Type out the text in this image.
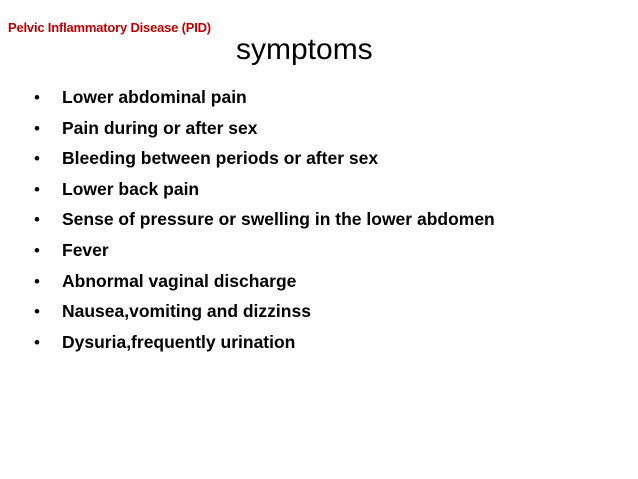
Pelvic Inflammatory Disease (PID)
symptoms
•	Lower abdominal pain
•	Pain during or after sex
•	Bleeding between periods or after sex
•	Lower back pain
•	Sense of pressure or swelling in the lower abdomen
•	Fever
•	Abnormal vaginal discharge
•	Nausea,vomiting and dizzinss
•	Dysuria,frequently urination
